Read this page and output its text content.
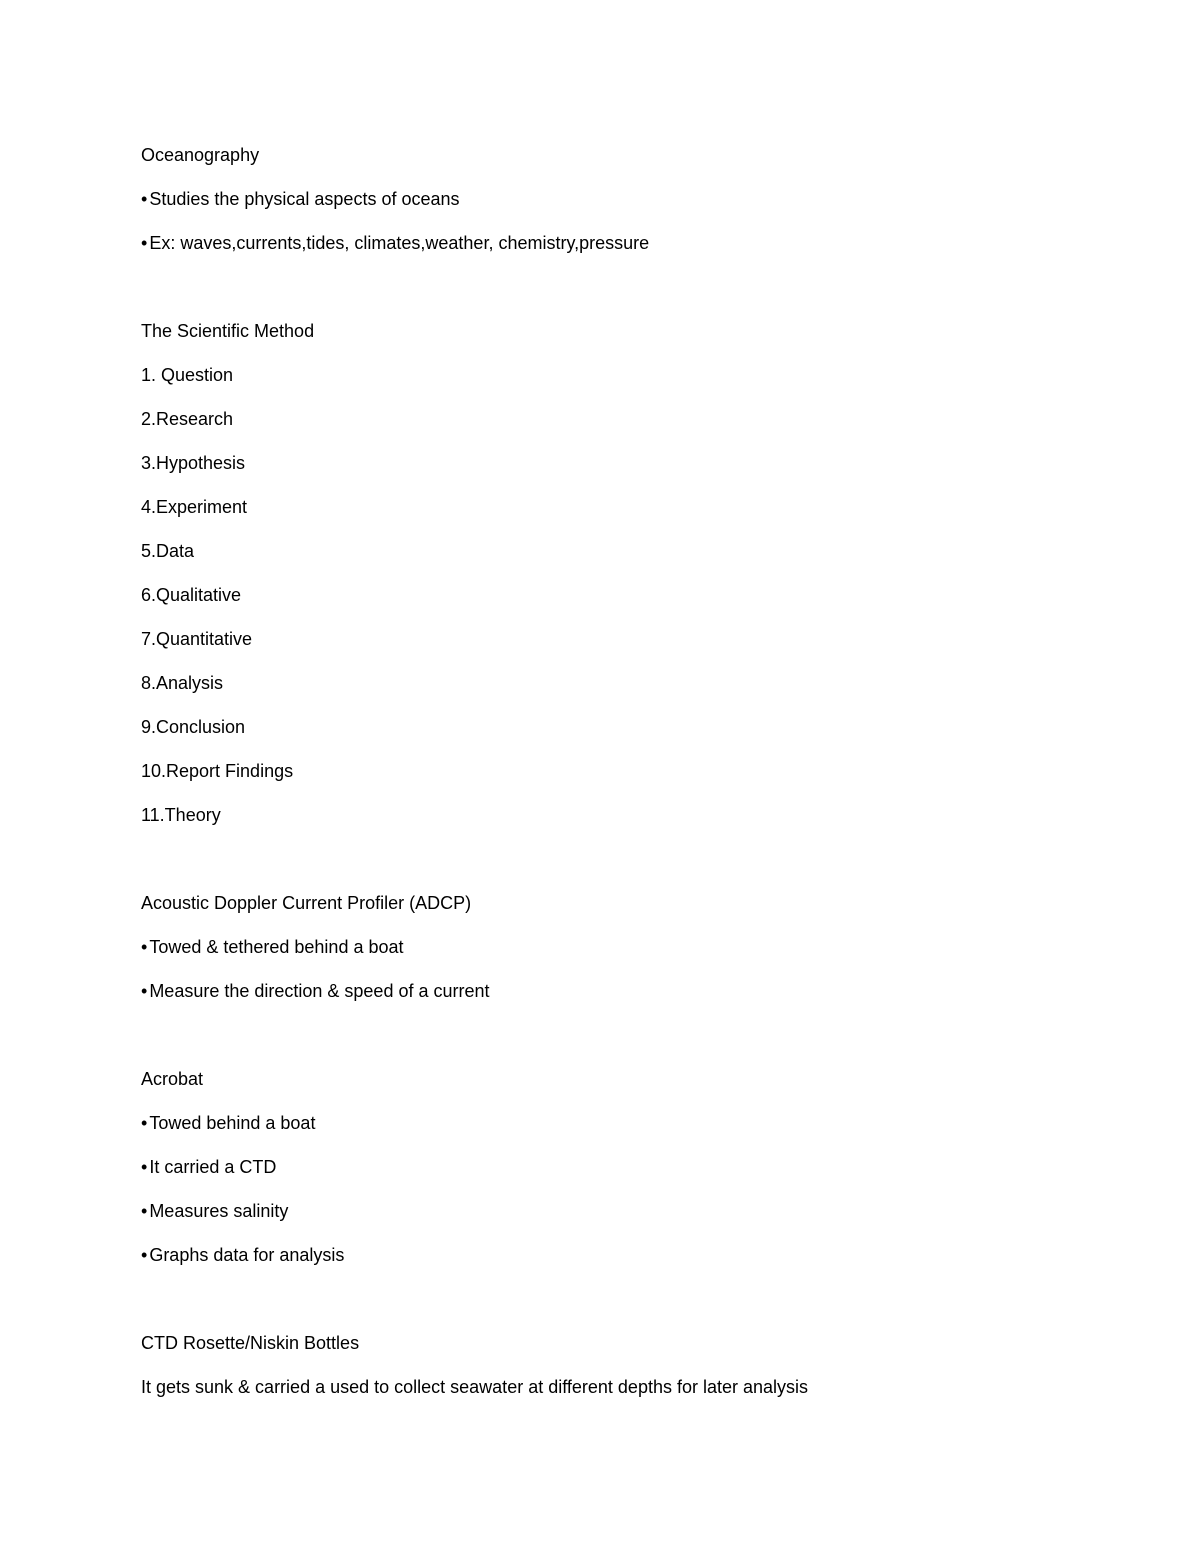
Oceanography
• Studies the physical aspects of oceans
• Ex: waves,currents,tides, climates,weather, chemistry,pressure
The Scientific Method
1. Question
2.Research
3.Hypothesis
4.Experiment
5.Data
6.Qualitative
7.Quantitative
8.Analysis
9.Conclusion
10.Report Findings
11.Theory
Acoustic Doppler Current Profiler (ADCP)
• Towed & tethered behind a boat
• Measure the direction & speed of a current
Acrobat
• Towed behind a boat
• It carried a CTD
• Measures salinity
• Graphs data for analysis
CTD Rosette/Niskin Bottles
It gets sunk & carried a used to collect seawater at different depths for later analysis
